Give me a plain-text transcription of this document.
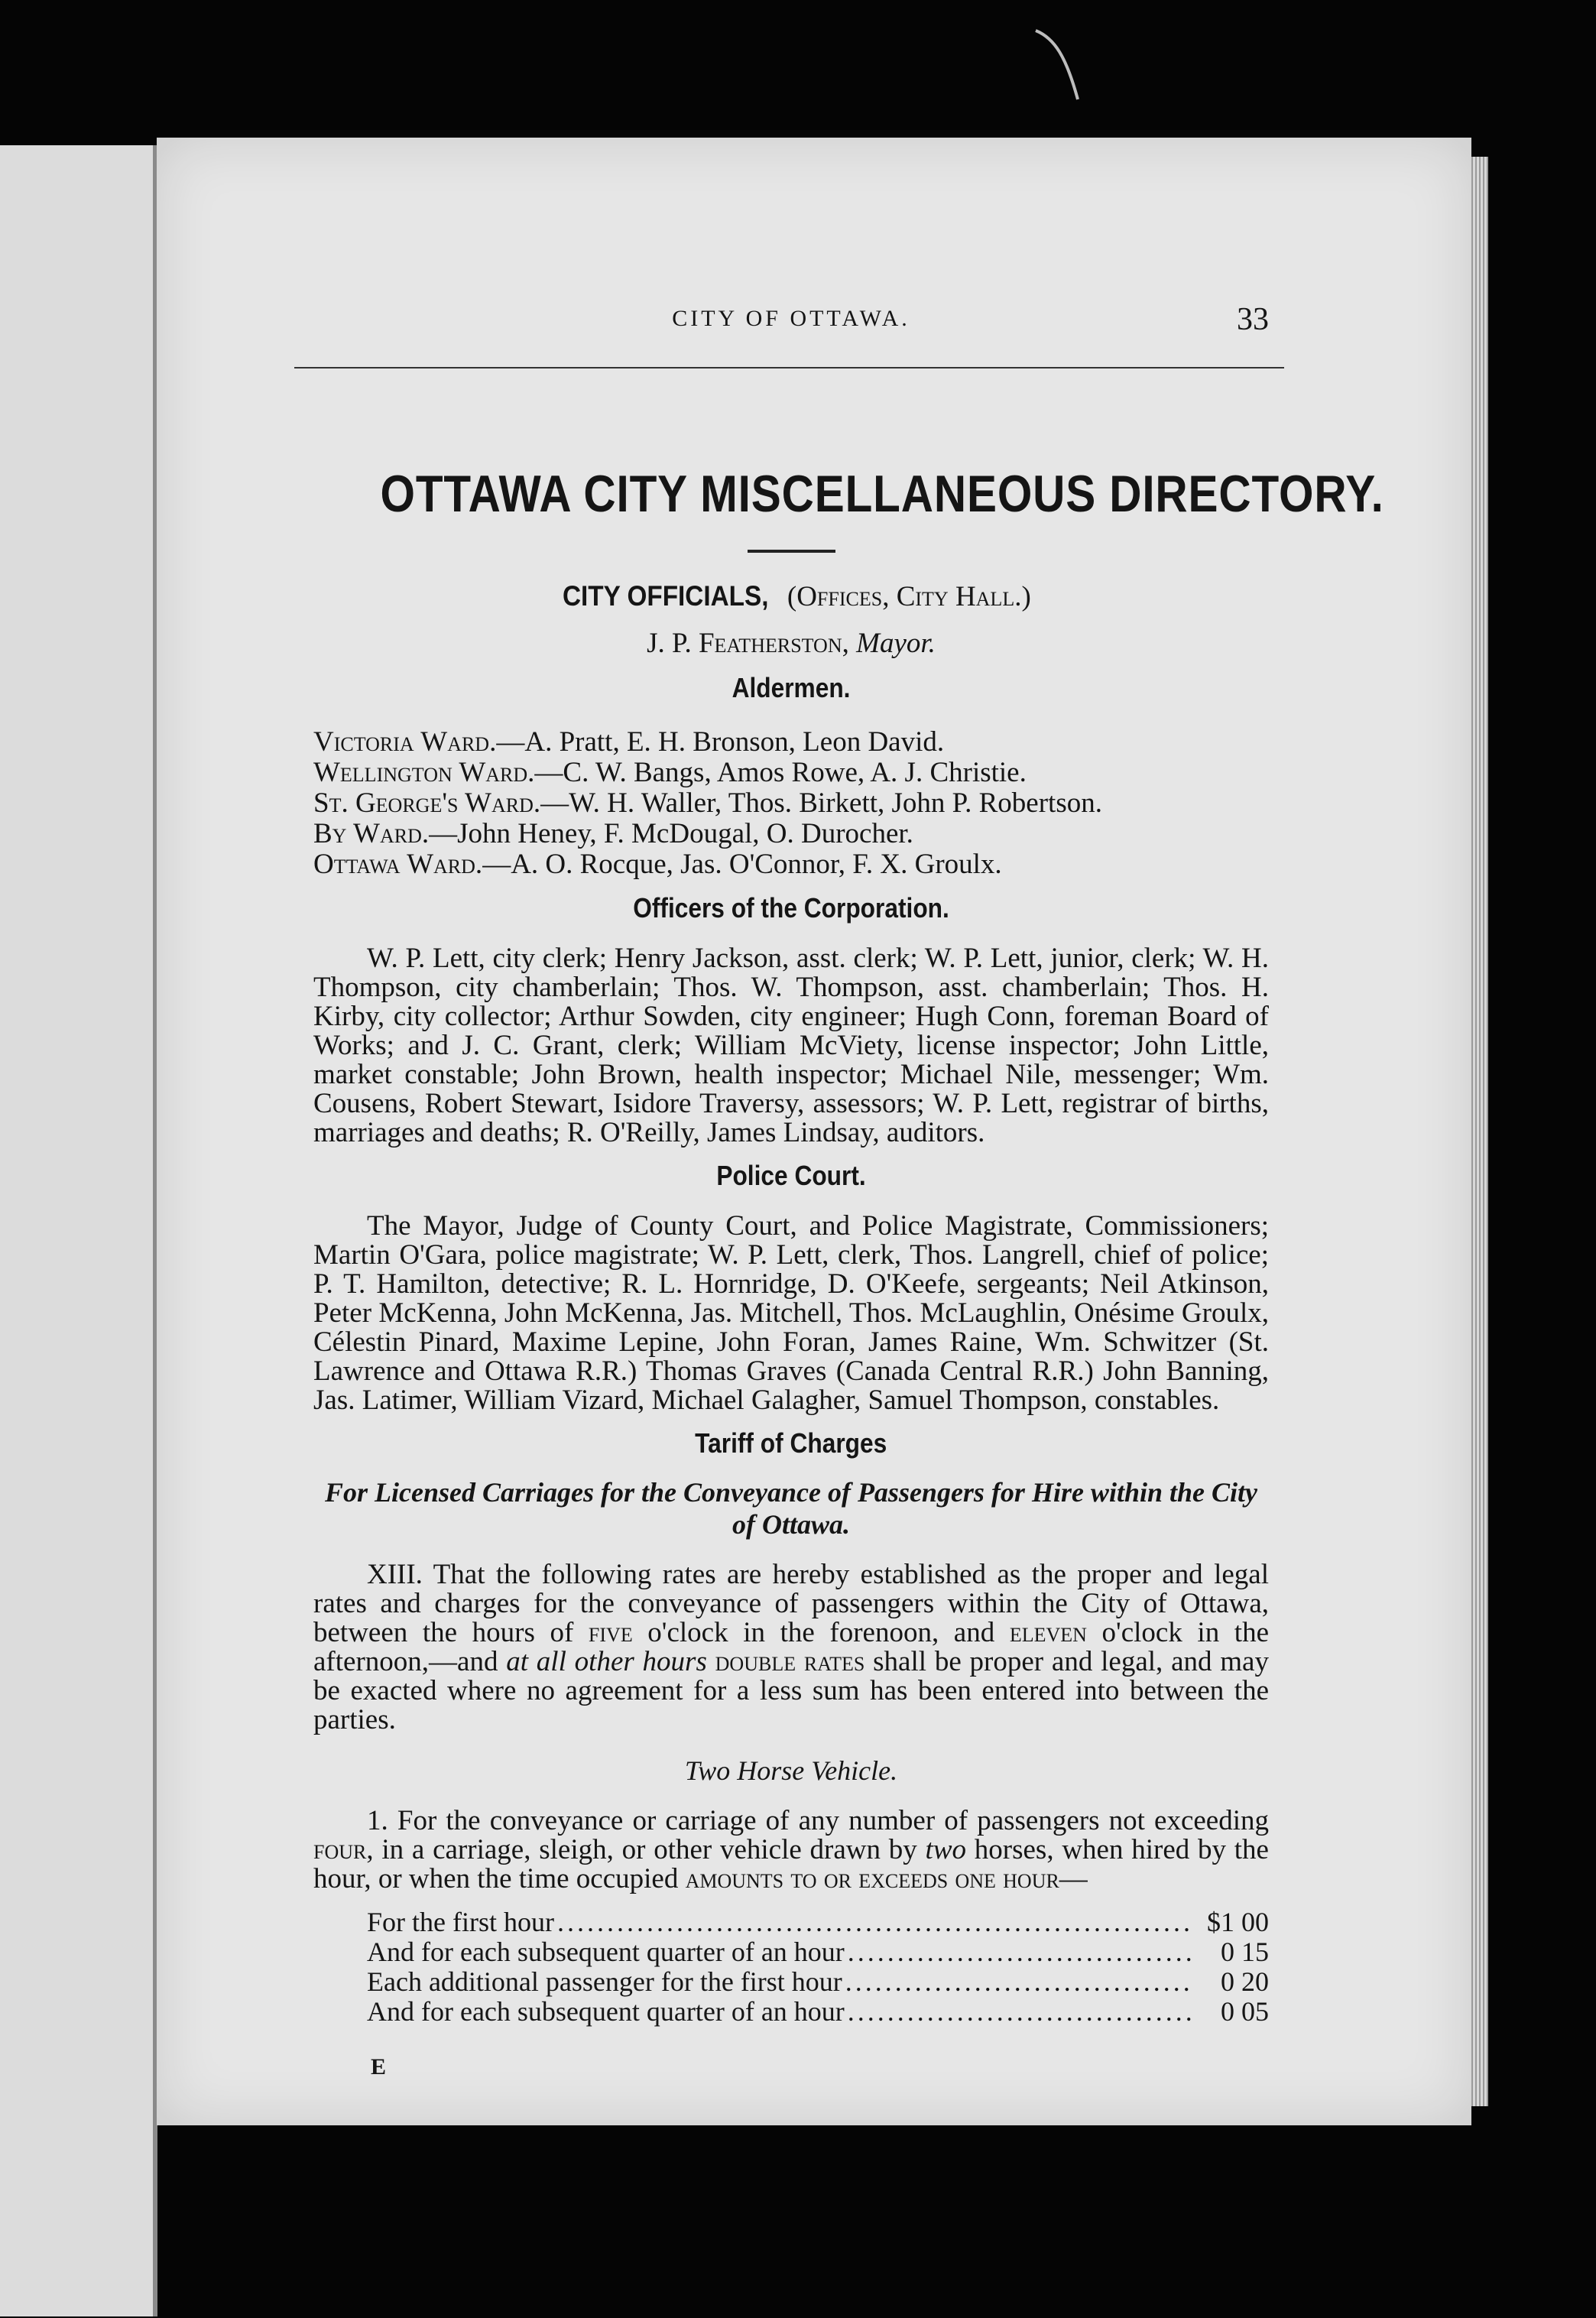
CITY OF OTTAWA.	33
OTTAWA CITY MISCELLANEOUS DIRECTORY.
CITY OFFICIALS, (Offices, City Hall.)
J. P. Featherston, Mayor.
Aldermen.
Victoria Ward.—A. Pratt, E. H. Bronson, Leon David.
Wellington Ward.—C. W. Bangs, Amos Rowe, A. J. Christie.
St. George's Ward.—W. H. Waller, Thos. Birkett, John P. Robertson.
By Ward.—John Heney, F. McDougal, O. Durocher.
Ottawa Ward.—A. O. Rocque, Jas. O'Connor, F. X. Groulx.
Officers of the Corporation.

W. P. Lett, city clerk; Henry Jackson, asst. clerk; W. P. Lett, junior, clerk; W. H. Thompson, city chamberlain; Thos. W. Thompson, asst. chamberlain; Thos. H. Kirby, city collector; Arthur Sowden, city engineer; Hugh Conn, foreman Board of Works; and J. C. Grant, clerk; William McViety, license inspector; John Little, market constable; John Brown, health inspector; Michael Nile, messenger; Wm. Cousens, Robert Stewart, Isidore Traversy, assessors; W. P. Lett, registrar of births, marriages and deaths; R. O'Reilly, James Lindsay, auditors.

Police Court.

The Mayor, Judge of County Court, and Police Magistrate, Commissioners; Martin O'Gara, police magistrate; W. P. Lett, clerk, Thos. Langrell, chief of police; P. T. Hamilton, detective; R. L. Hornridge, D. O'Keefe, sergeants; Neil Atkinson, Peter McKenna, John McKenna, Jas. Mitchell, Thos. McLaughlin, Onésime Groulx, Célestin Pinard, Maxime Lepine, John Foran, James Raine, Wm. Schwitzer (St. Lawrence and Ottawa R.R.) Thomas Graves (Canada Central R.R.) John Banning, Jas. Latimer, William Vizard, Michael Galagher, Samuel Thompson, constables.

Tariff of Charges
For Licensed Carriages for the Conveyance of Passengers for Hire within the City of Ottawa.

XIII. That the following rates are hereby established as the proper and legal rates and charges for the conveyance of passengers within the City of Ottawa, between the hours of five o'clock in the forenoon, and eleven o'clock in the afternoon,—and at all other hours double rates shall be proper and legal, and may be exacted where no agreement for a less sum has been entered into between the parties.

Two Horse Vehicle.

1. For the conveyance or carriage of any number of passengers not exceeding four, in a carriage, sleigh, or other vehicle drawn by two horses, when hired by the hour, or when the time occupied amounts to or exceeds one hour—

For the first hour .....	$1 00
And for each subsequent quarter of an hour .....	0 15
Each additional passenger for the first hour .....	0 20
And for each subsequent quarter of an hour .....	0 05
E
